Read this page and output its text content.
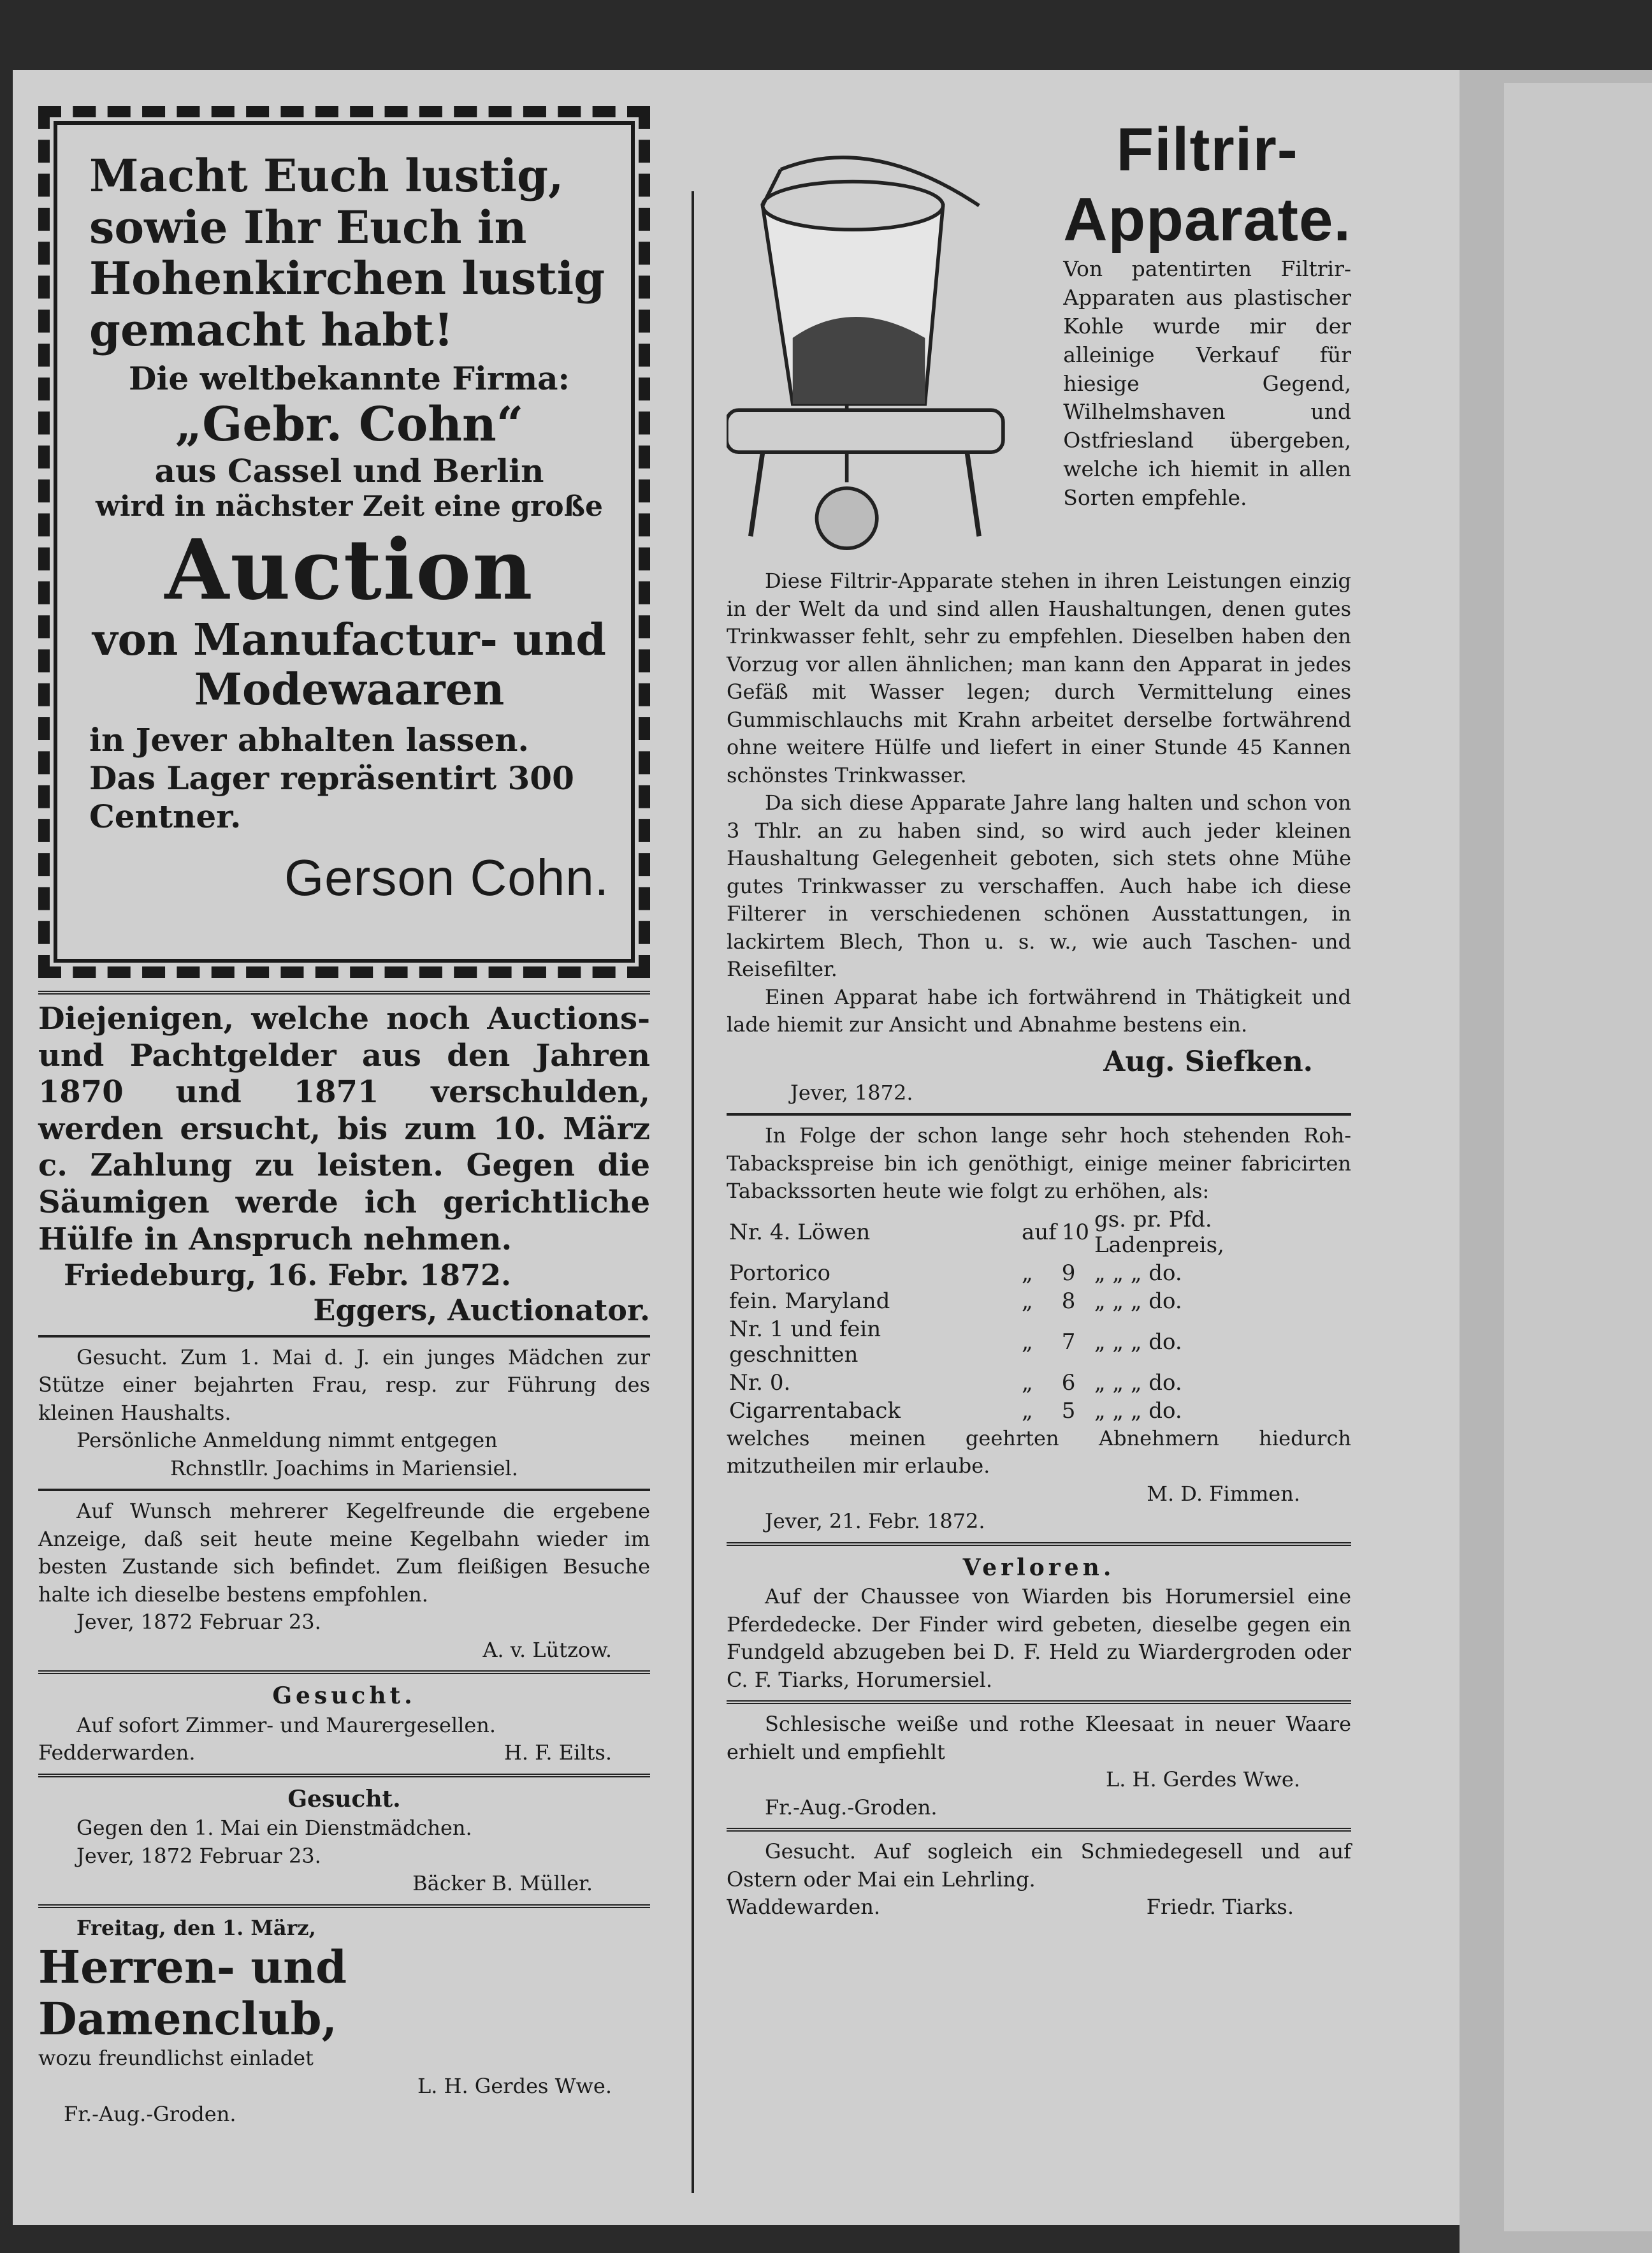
Macht Euch lustig, sowie Ihr Euch in Hohenkirchen lustig gemacht habt!

Die weltbekannte Firma:

„Gebr. Cohn“

aus Cassel und Berlin

wird in nächster Zeit eine große

Auction

von Manufactur- und Modewaaren

in Jever abhalten lassen.

Das Lager repräsentirt 300 Centner.

Gerson Cohn.

Diejenigen, welche noch Auctions- und Pachtgelder aus den Jahren 1870 und 1871 verschulden, werden ersucht, bis zum 10. März c. Zahlung zu leisten. Gegen die Säumigen werde ich gerichtliche Hülfe in Anspruch nehmen.

Friedeburg, 16. Febr. 1872.

Eggers, Auctionator.

Gesucht. Zum 1. Mai d. J. ein junges Mädchen zur Stütze einer bejahrten Frau, resp. zur Führung des kleinen Haushalts.

Persönliche Anmeldung nimmt entgegen

Rchnstllr. Joachims in Mariensiel.

Auf Wunsch mehrerer Kegelfreunde die ergebene Anzeige, daß seit heute meine Kegelbahn wieder im besten Zustande sich befindet. Zum fleißigen Besuche halte ich dieselbe bestens empfohlen.

Jever, 1872 Februar 23.

A. v. Lützow.

Gesucht.

Auf sofort Zimmer- und Maurergesellen.

Fedderwarden.	H. F. Eilts.

Gesucht.

Gegen den 1. Mai ein Dienstmädchen.

Jever, 1872 Februar 23.

Bäcker B. Müller.

Freitag, den 1. März,

Herren- und Damenclub,

wozu freundlichst einladet

L. H. Gerdes Wwe.

Fr.-Aug.-Groden.

Filtrir-

Apparate.

Von patentirten Filtrir-Apparaten aus plastischer Kohle wurde mir der alleinige Verkauf für hiesige Gegend, Wilhelmshaven und Ostfriesland übergeben, welche ich hiemit in allen Sorten empfehle.

Diese Filtrir-Apparate stehen in ihren Leistungen einzig in der Welt da und sind allen Haushaltungen, denen gutes Trinkwasser fehlt, sehr zu empfehlen. Dieselben haben den Vorzug vor allen ähnlichen; man kann den Apparat in jedes Gefäß mit Wasser legen; durch Vermittelung eines Gummischlauchs mit Krahn arbeitet derselbe fortwährend ohne weitere Hülfe und liefert in einer Stunde 45 Kannen schönstes Trinkwasser.

Da sich diese Apparate Jahre lang halten und schon von 3 Thlr. an zu haben sind, so wird auch jeder kleinen Haushaltung Gelegenheit geboten, sich stets ohne Mühe gutes Trinkwasser zu verschaffen. Auch habe ich diese Filterer in verschiedenen schönen Ausstattungen, in lackirtem Blech, Thon u. s. w., wie auch Taschen- und Reisefilter.

Einen Apparat habe ich fortwährend in Thätigkeit und lade hiemit zur Ansicht und Abnahme bestens ein.

Aug. Siefken.

Jever, 1872.

In Folge der schon lange sehr hoch stehenden Roh-Tabackspreise bin ich genöthigt, einige meiner fabricirten Tabackssorten heute wie folgt zu erhöhen, als:

Nr. 4. Löwen	auf	10	gs. pr. Pfd. Ladenpreis,
Portorico	„	9	„ „ „ do.
fein. Maryland	„	8	„ „ „ do.
Nr. 1 und fein geschnitten	„	7	„ „ „ do.
Nr. 0.	„	6	„ „ „ do.
Cigarrentaback	„	5	„ „ „ do.

welches meinen geehrten Abnehmern hiedurch mitzutheilen mir erlaube.

M. D. Fimmen.

Jever, 21. Febr. 1872.

Verloren.

Auf der Chaussee von Wiarden bis Horumersiel eine Pferdedecke. Der Finder wird gebeten, dieselbe gegen ein Fundgeld abzugeben bei D. F. Held zu Wiardergroden oder C. F. Tiarks, Horumersiel.

Schlesische weiße und rothe Kleesaat in neuer Waare erhielt und empfiehlt

L. H. Gerdes Wwe.

Fr.-Aug.-Groden.

Gesucht. Auf sogleich ein Schmiedegesell und auf Ostern oder Mai ein Lehrling.

Waddewarden.	Friedr. Tiarks.
